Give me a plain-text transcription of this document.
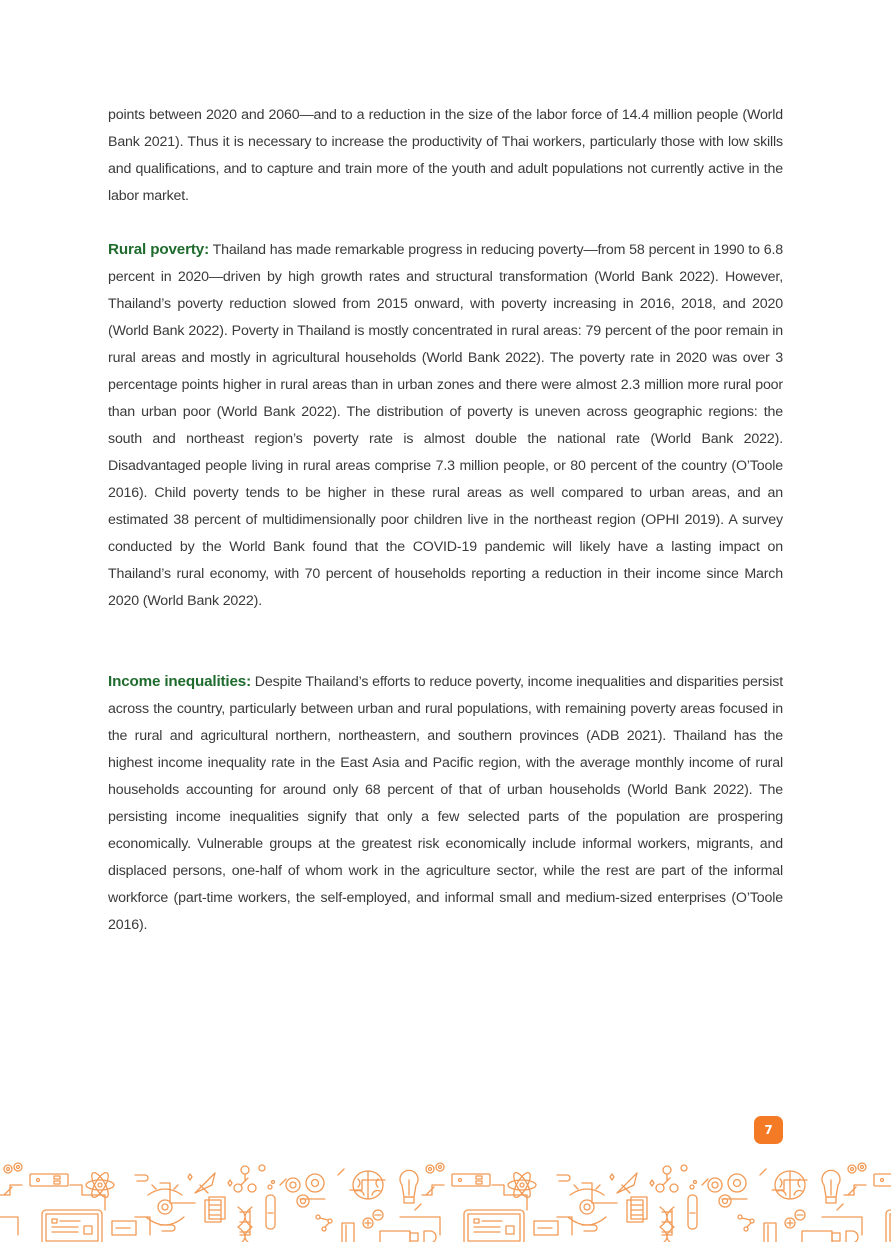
points between 2020 and 2060—and to a reduction in the size of the labor force of 14.4 million people (World Bank 2021). Thus it is necessary to increase the productivity of Thai workers, particularly those with low skills and qualifications, and to capture and train more of the youth and adult populations not currently active in the labor market.

Rural poverty: Thailand has made remarkable progress in reducing poverty—from 58 percent in 1990 to 6.8 percent in 2020—driven by high growth rates and structural transformation (World Bank 2022). However, Thailand’s poverty reduction slowed from 2015 onward, with poverty increasing in 2016, 2018, and 2020 (World Bank 2022). Poverty in Thailand is mostly concentrated in rural areas: 79 percent of the poor remain in rural areas and mostly in agricultural households (World Bank 2022). The poverty rate in 2020 was over 3 percentage points higher in rural areas than in urban zones and there were almost 2.3 million more rural poor than urban poor (World Bank 2022). The distribution of poverty is uneven across geographic regions: the south and northeast region’s poverty rate is almost double the national rate (World Bank 2022). Disadvantaged people living in rural areas comprise 7.3 million people, or 80 percent of the country (O’Toole 2016). Child poverty tends to be higher in these rural areas as well compared to urban areas, and an estimated 38 percent of multidimensionally poor children live in the northeast region (OPHI 2019). A survey conducted by the World Bank found that the COVID-19 pandemic will likely have a lasting impact on Thailand’s rural economy, with 70 percent of households reporting a reduction in their income since March 2020 (World Bank 2022).

Income inequalities: Despite Thailand’s efforts to reduce poverty, income inequalities and disparities persist across the country, particularly between urban and rural populations, with remaining poverty areas focused in the rural and agricultural northern, northeastern, and southern provinces (ADB 2021). Thailand has the highest income inequality rate in the East Asia and Pacific region, with the average monthly income of rural households accounting for around only 68 percent of that of urban households (World Bank 2022). The persisting income inequalities signify that only a few selected parts of the population are prospering economically. Vulnerable groups at the greatest risk economically include informal workers, migrants, and displaced persons, one-half of whom work in the agriculture sector, while the rest are part of the informal workforce (part-time workers, the self-employed, and informal small and medium-sized enterprises (O’Toole 2016).

7
